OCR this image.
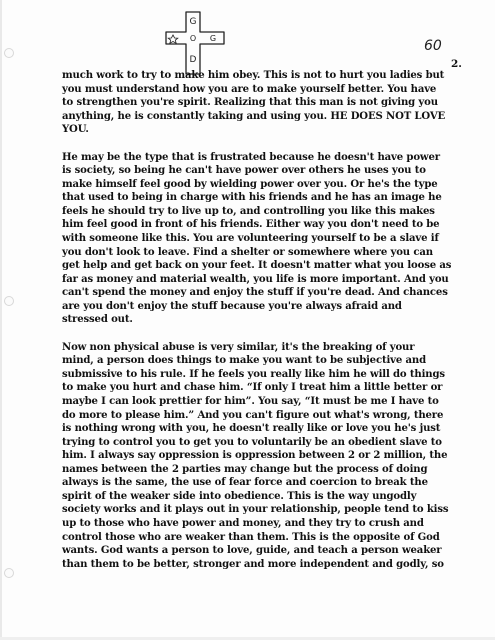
G
O
D
G	60
2.

much work to try to make him obey. This is not to hurt you ladies but
you must understand how you are to make yourself better. You have
to strengthen you're spirit. Realizing that this man is not giving you
anything, he is constantly taking and using you. HE DOES NOT LOVE
YOU.

He may be the type that is frustrated because he doesn't have power
is society, so being he can't have power over others he uses you to
make himself feel good by wielding power over you. Or he's the type
that used to being in charge with his friends and he has an image he
feels he should try to live up to, and controlling you like this makes
him feel good in front of his friends. Either way you don't need to be
with someone like this. You are volunteering yourself to be a slave if
you don't look to leave. Find a shelter or somewhere where you can
get help and get back on your feet. It doesn't matter what you loose as
far as money and material wealth, you life is more important. And you
can't spend the money and enjoy the stuff if you're dead. And chances
are you don't enjoy the stuff because you're always afraid and
stressed out.

Now non physical abuse is very similar, it's the breaking of your
mind, a person does things to make you want to be subjective and
submissive to his rule. If he feels you really like him he will do things
to make you hurt and chase him. “If only I treat him a little better or
maybe I can look prettier for him”. You say, “It must be me I have to
do more to please him.” And you can't figure out what's wrong, there
is nothing wrong with you, he doesn't really like or love you he's just
trying to control you to get you to voluntarily be an obedient slave to
him. I always say oppression is oppression between 2 or 2 million, the
names between the 2 parties may change but the process of doing
always is the same, the use of fear force and coercion to break the
spirit of the weaker side into obedience. This is the way ungodly
society works and it plays out in your relationship, people tend to kiss
up to those who have power and money, and they try to crush and
control those who are weaker than them. This is the opposite of God
wants. God wants a person to love, guide, and teach a person weaker
than them to be better, stronger and more independent and godly, so
